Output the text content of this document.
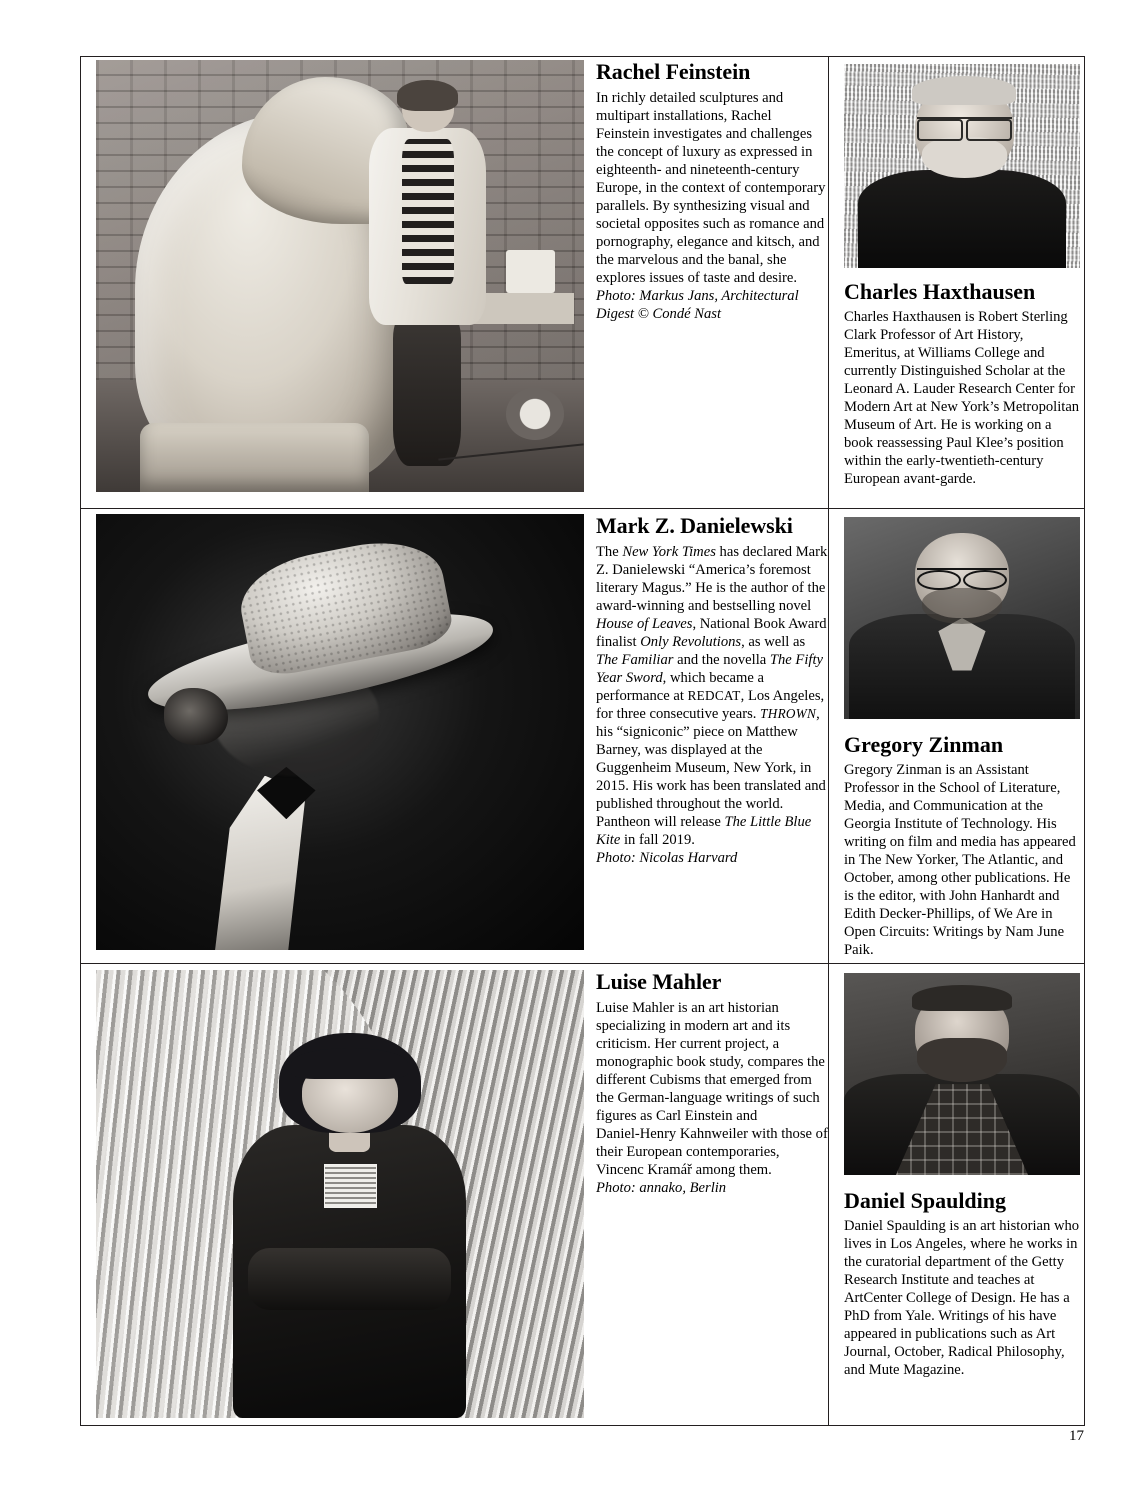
Rachel Feinstein

In richly detailed sculptures and multipart installations, Rachel Feinstein investigates and challenges the concept of luxury as expressed in eighteenth‑ and nineteenth‑century Europe, in the context of contemporary parallels. By synthesizing visual and societal opposites such as romance and pornography, elegance and kitsch, and the marvelous and the banal, she explores issues of taste and desire.

Photo: Markus Jans, Architectural Digest © Condé Nast

Mark Z. Danielewski

The New York Times has declared Mark Z. Danielewski “America’s foremost literary Magus.” He is the author of the award‑winning and bestselling novel House of Leaves, National Book Award finalist Only Revolutions, as well as The Familiar and the novella The Fifty Year Sword, which became a performance at REDCAT, Los Angeles, for three consecutive years. THROWN, his “signiconic” piece on Matthew Barney, was displayed at the Guggenheim Museum, New York, in 2015. His work has been translated and published throughout the world. Pantheon will release The Little Blue Kite in fall 2019.

Photo: Nicolas Harvard

Luise Mahler

Luise Mahler is an art historian specializing in modern art and its criticism. Her current project, a monographic book study, compares the different Cubisms that emerged from the German‑language writings of such figures as Carl Einstein and Daniel‑Henry Kahnweiler with those of their European contemporaries, Vincenc Kramář among them.

Photo: annako, Berlin

Charles Haxthausen

Charles Haxthausen is Robert Sterling Clark Professor of Art History, Emeritus, at Williams College and currently Distinguished Scholar at the Leonard A. Lauder Research Center for Modern Art at New York’s Metropolitan Museum of Art. He is working on a book reassessing Paul Klee’s position within the early‑twentieth‑century European avant‑garde.

Gregory Zinman

Gregory Zinman is an Assistant Professor in the School of Literature, Media, and Communication at the Georgia Institute of Technology. His writing on film and media has appeared in The New Yorker, The Atlantic, and October, among other publications. He is the editor, with John Hanhardt and Edith Decker‑Phillips, of We Are in Open Circuits: Writings by Nam June Paik.

Daniel Spaulding

Daniel Spaulding is an art historian who lives in Los Angeles, where he works in the curatorial department of the Getty Research Institute and teaches at ArtCenter College of Design. He has a PhD from Yale. Writings of his have appeared in publications such as Art Journal, October, Radical Philosophy, and Mute Magazine.

17
